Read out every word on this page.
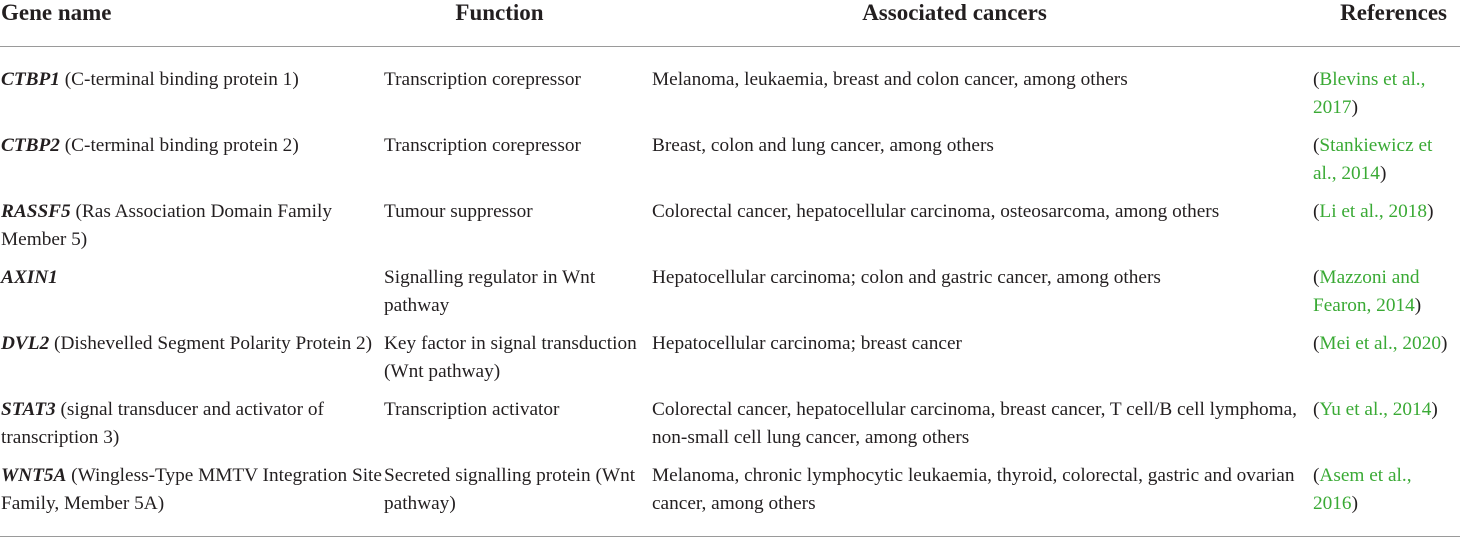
Gene name	Function	Associated cancers	References
CTBP1 (C-terminal binding protein 1)	Transcription corepressor	Melanoma, leukaemia, breast and colon cancer, among others	(Blevins et al., 2017)
CTBP2 (C-terminal binding protein 2)	Transcription corepressor	Breast, colon and lung cancer, among others	(Stankiewicz et al., 2014)
RASSF5 (Ras Association Domain Family Member 5)	Tumour suppressor	Colorectal cancer, hepatocellular carcinoma, osteosarcoma, among others	(Li et al., 2018)
AXIN1	Signalling regulator in Wnt pathway	Hepatocellular carcinoma; colon and gastric cancer, among others	(Mazzoni and Fearon, 2014)
DVL2 (Dishevelled Segment Polarity Protein 2)	Key factor in signal transduction (Wnt pathway)	Hepatocellular carcinoma; breast cancer	(Mei et al., 2020)
STAT3 (signal transducer and activator of transcription 3)	Transcription activator	Colorectal cancer, hepatocellular carcinoma, breast cancer, T cell/B cell lymphoma, non-small cell lung cancer, among others	(Yu et al., 2014)
WNT5A (Wingless-Type MMTV Integration Site Family, Member 5A)	Secreted signalling protein (Wnt pathway)	Melanoma, chronic lymphocytic leukaemia, thyroid, colorectal, gastric and ovarian cancer, among others	(Asem et al., 2016)
